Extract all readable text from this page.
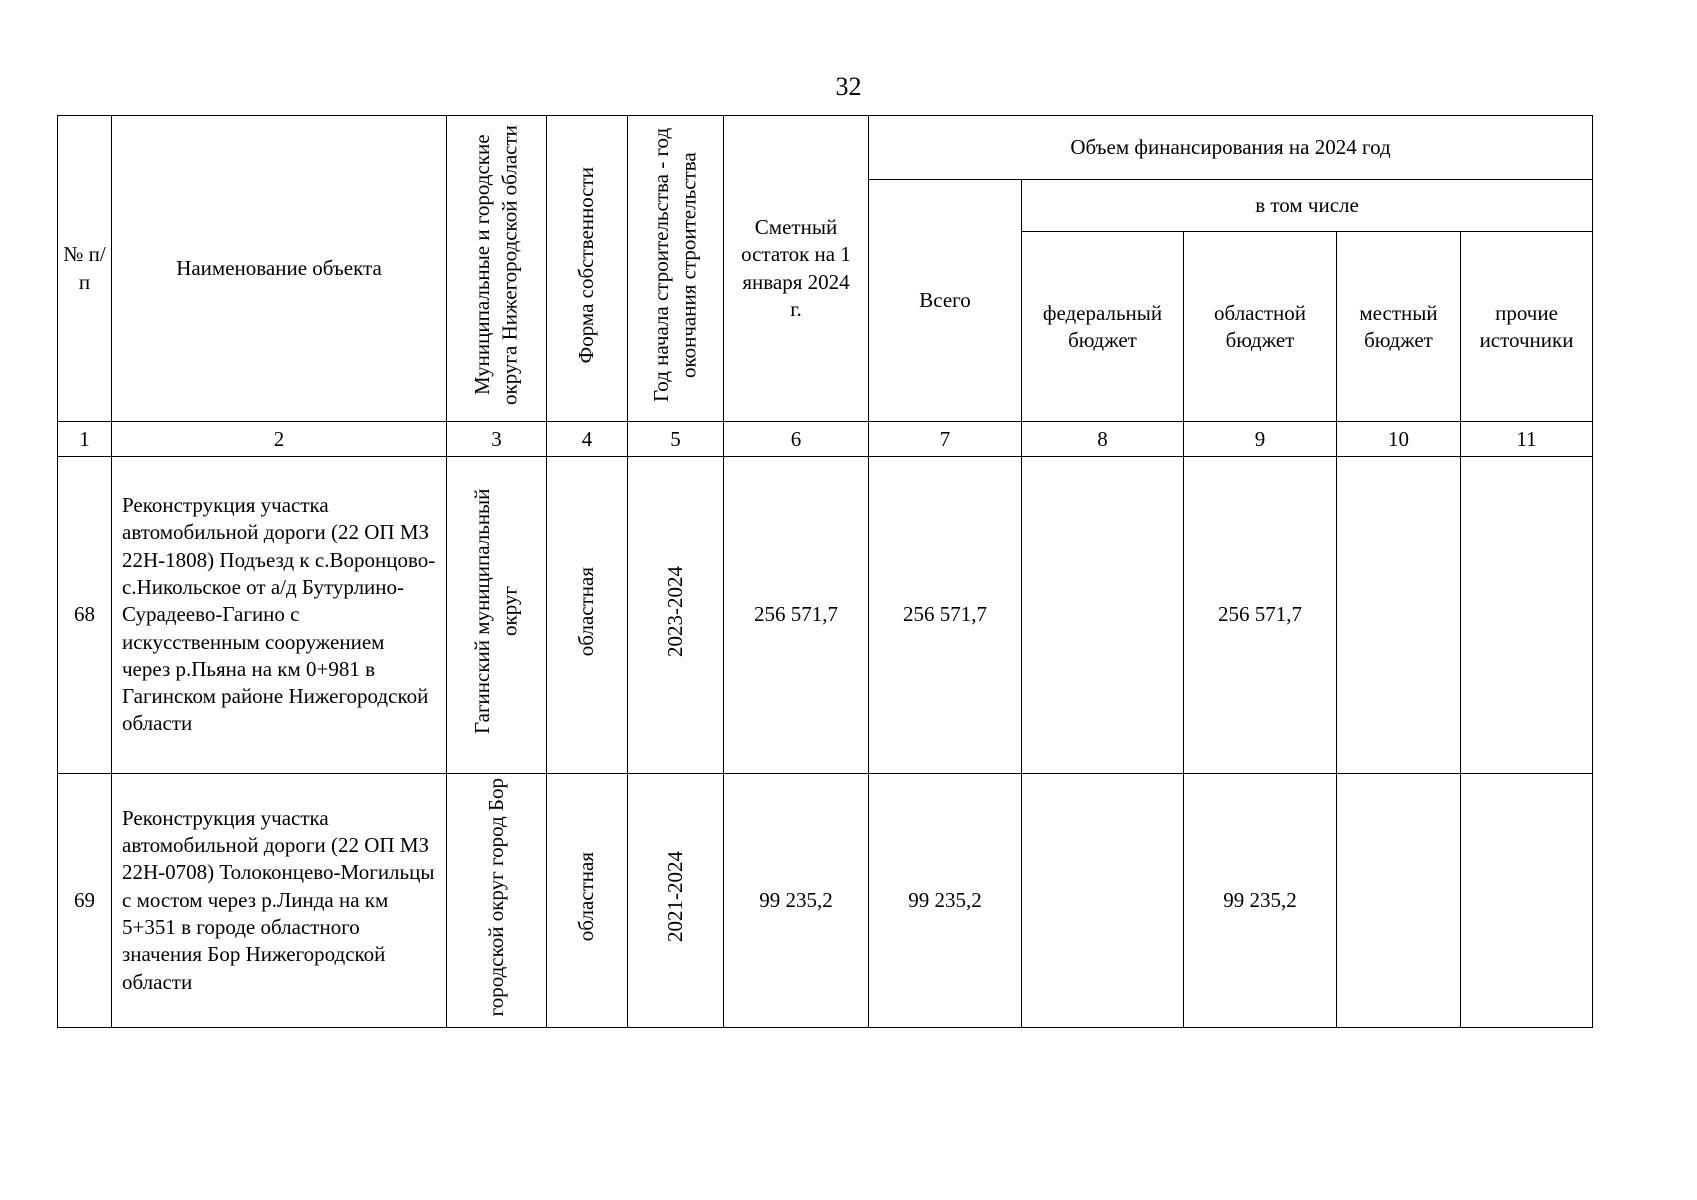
32
№ п/п	Наименование объекта	Муниципальные и городские округа Нижегородской области	Форма собственности	Год начала строительства - год окончания строительства	Сметный остаток на 1 января 2024 г.	Объем финансирования на 2024 год				
						Всего	в том числе			
							федеральный бюджет	областной бюджет	местный бюджет	прочие источники
1	2	3	4	5	6	7	8	9	10	11
68	Реконструкция участка автомобильной дороги (22 ОП МЗ 22Н-1808) Подъезд к с.Воронцово-с.Никольское от а/д Бутурлино-Сурадеево-Гагино с искусственным сооружением через р.Пьяна на км 0+981 в Гагинском районе Нижегородской области	Гагинский муниципальный округ	областная	2023-2024	256 571,7	256 571,7		256 571,7		
69	Реконструкция участка автомобильной дороги (22 ОП МЗ 22Н-0708) Толоконцево-Могильцы с мостом через р.Линда на км 5+351 в городе областного значения Бор Нижегородской области	городской округ город Бор	областная	2021-2024	99 235,2	99 235,2		99 235,2		
